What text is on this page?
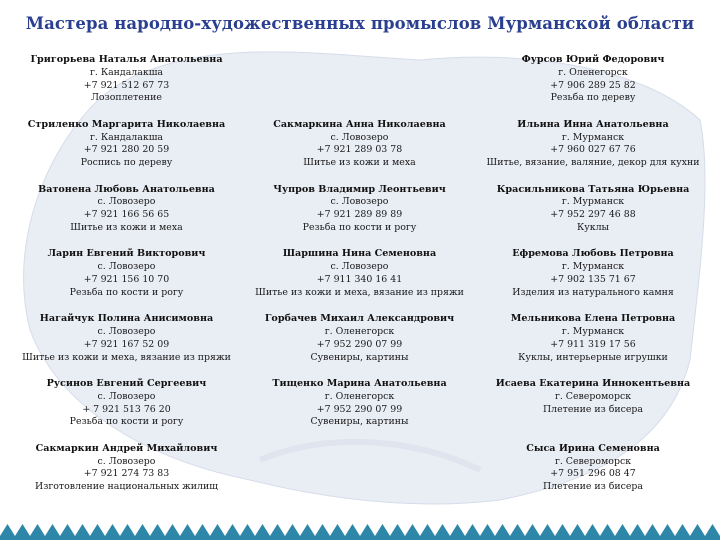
Мастера народно-художественных промыслов Мурманской области
Григорьева Наталья Анатольевна
г. Кандалакша
+7 921 512 67 73
Лозоплетение
Фурсов Юрий Федорович
г. Оленегорск
+7 906 289 25 82
Резьба по дереву
Стриленко Маргарита Николаевна
г. Кандалакша
+7 921 280 20 59
Роспись по дереву
Сакмаркина Анна Николаевна
с. Ловозеро
+7 921 289 03 78
Шитье из кожи и меха
Ильина Инна Анатольевна
г. Мурманск
+7 960 027 67 76
Шитье, вязание, валяние, декор для кухни
Ватонена Любовь Анатольевна
с. Ловозеро
+7 921 166 56 65
Шитье из кожи и меха
Чупров Владимир Леонтьевич
с. Ловозеро
+7 921 289 89 89
Резьба по кости и рогу
Красильникова Татьяна Юрьевна
г. Мурманск
+7 952 297 46 88
Куклы
Ларин Евгений Викторович
с. Ловозеро
+7 921 156 10 70
Резьба по кости и рогу
Шаршина Нина Семеновна
с. Ловозеро
+7 911 340 16 41
Шитье из кожи и меха, вязание из пряжи
Ефремова Любовь Петровна
г. Мурманск
+7 902 135 71 67
Изделия из натурального камня
Нагайчук Полина Анисимовна
с. Ловозеро
+7 921 167 52 09
Шитье из кожи и меха, вязание из пряжи
Горбачев Михаил Александрович
г. Оленегорск
+7 952 290 07 99
Сувениры, картины
Мельникова Елена Петровна
г. Мурманск
+7 911 319 17 56
Куклы, интерьерные игрушки
Русинов Евгений Сергеевич
с. Ловозеро
+ 7 921 513 76 20
Резьба по кости и рогу
Тищенко Марина Анатольевна
г. Оленегорск
+7 952 290 07 99
Сувениры, картины
Исаева Екатерина Иннокентьевна
г. Североморск
Плетение из бисера
Сакмаркин Андрей Михайлович
с. Ловозеро
+7 921 274 73 83
Изготовление национальных жилищ
Сысa Ирина Семеновна
г. Североморск
+7 951 296 08 47
Плетение из бисера
